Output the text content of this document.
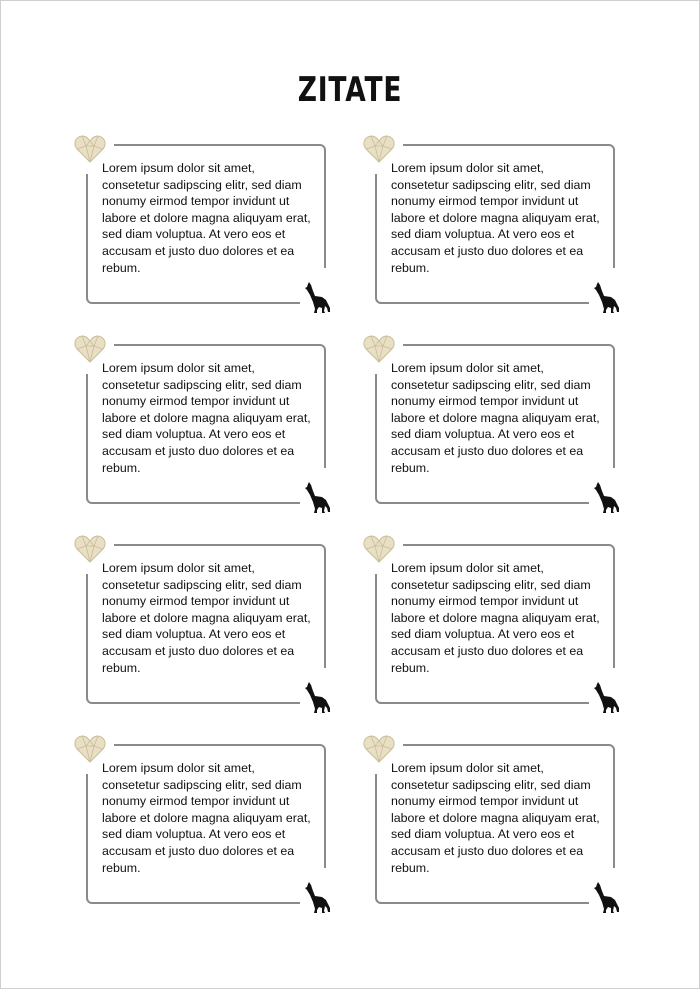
ZITATE
Lorem ipsum dolor sit amet, consetetur sadipscing elitr, sed diam nonumy eirmod tempor invidunt ut labore et dolore magna aliquyam erat, sed diam voluptua. At vero eos et accusam et justo duo dolores et ea rebum.
Lorem ipsum dolor sit amet, consetetur sadipscing elitr, sed diam nonumy eirmod tempor invidunt ut labore et dolore magna aliquyam erat, sed diam voluptua. At vero eos et accusam et justo duo dolores et ea rebum.
Lorem ipsum dolor sit amet, consetetur sadipscing elitr, sed diam nonumy eirmod tempor invidunt ut labore et dolore magna aliquyam erat, sed diam voluptua. At vero eos et accusam et justo duo dolores et ea rebum.
Lorem ipsum dolor sit amet, consetetur sadipscing elitr, sed diam nonumy eirmod tempor invidunt ut labore et dolore magna aliquyam erat, sed diam voluptua. At vero eos et accusam et justo duo dolores et ea rebum.
Lorem ipsum dolor sit amet, consetetur sadipscing elitr, sed diam nonumy eirmod tempor invidunt ut labore et dolore magna aliquyam erat, sed diam voluptua. At vero eos et accusam et justo duo dolores et ea rebum.
Lorem ipsum dolor sit amet, consetetur sadipscing elitr, sed diam nonumy eirmod tempor invidunt ut labore et dolore magna aliquyam erat, sed diam voluptua. At vero eos et accusam et justo duo dolores et ea rebum.
Lorem ipsum dolor sit amet, consetetur sadipscing elitr, sed diam nonumy eirmod tempor invidunt ut labore et dolore magna aliquyam erat, sed diam voluptua. At vero eos et accusam et justo duo dolores et ea rebum.
Lorem ipsum dolor sit amet, consetetur sadipscing elitr, sed diam nonumy eirmod tempor invidunt ut labore et dolore magna aliquyam erat, sed diam voluptua. At vero eos et accusam et justo duo dolores et ea rebum.
